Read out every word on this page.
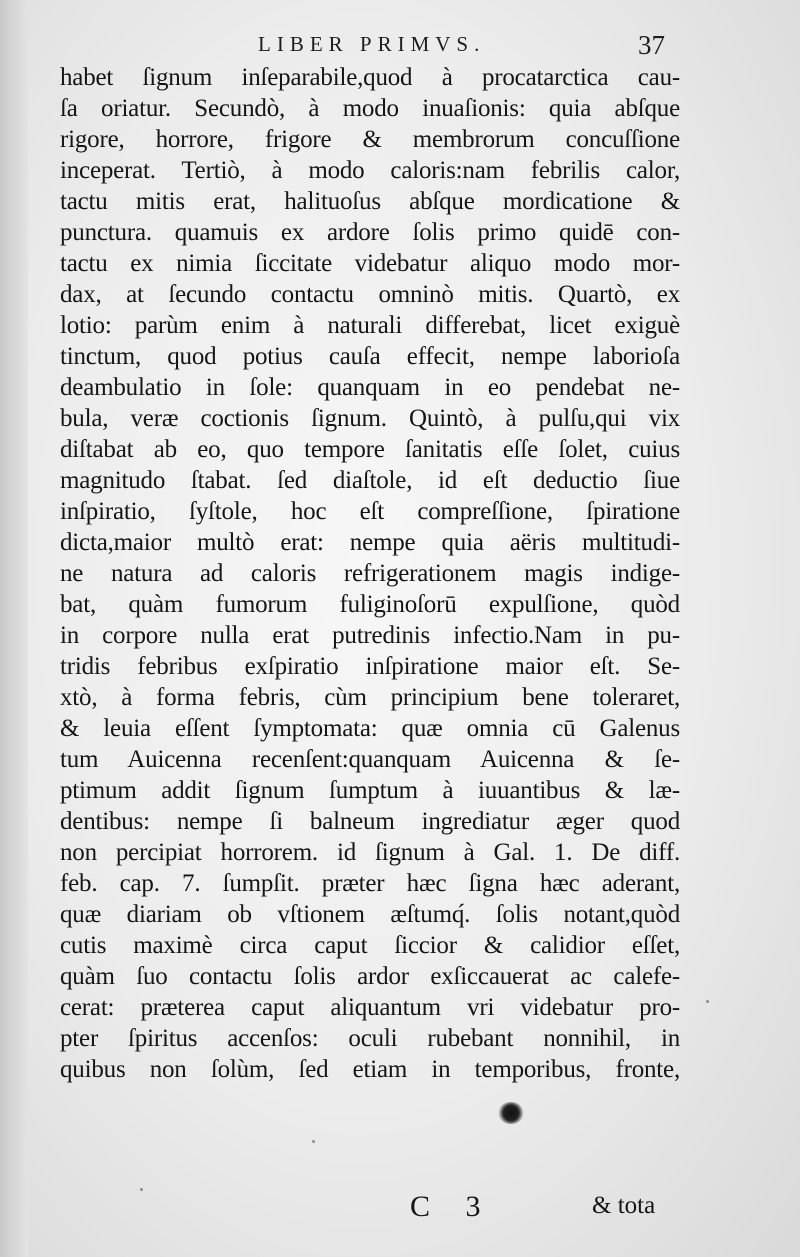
LIBER PRIMVS.	37
habet ſignum inſeparabile,quod à procatarctica cau-
ſa oriatur. Secundò, à modo inuaſionis: quia abſque
rigore, horrore, frigore & membrorum concuſſione
inceperat. Tertiò, à modo caloris:nam febrilis calor,
tactu mitis erat, halituoſus abſque mordicatione &
punctura. quamuis ex ardore ſolis primo quidē con-
tactu ex nimia ſiccitate videbatur aliquo modo mor-
dax, at ſecundo contactu omninò mitis. Quartò, ex
lotio: parùm enim à naturali differebat, licet exiguè
tinctum, quod potius cauſa effecit, nempe laborioſa
deambulatio in ſole: quanquam in eo pendebat ne-
bula, veræ coctionis ſignum. Quintò, à pulſu,qui vix
diſtabat ab eo, quo tempore ſanitatis eſſe ſolet, cuius
magnitudo ſtabat. ſed diaſtole, id eſt deductio ſiue
inſpiratio, ſyſtole, hoc eſt compreſſione, ſpiratione
dicta,maior multò erat: nempe quia aëris multitudi-
ne natura ad caloris refrigerationem magis indige-
bat, quàm fumorum fuliginoſorū expulſione, quòd
in corpore nulla erat putredinis infectio.Nam in pu-
tridis febribus exſpiratio inſpiratione maior eſt. Se-
xtò, à forma febris, cùm principium bene toleraret,
& leuia eſſent ſymptomata: quæ omnia cū Galenus
tum Auicenna recenſent:quanquam Auicenna & ſe-
ptimum addit ſignum ſumptum à iuuantibus & læ-
dentibus: nempe ſi balneum ingrediatur æger quod
non percipiat horrorem. id ſignum à Gal. 1. De diff.
feb. cap. 7. ſumpſit. præter hæc ſigna hæc aderant,
quæ diariam ob vſtionem æſtumq́. ſolis notant,quòd
cutis maximè circa caput ſiccior & calidior eſſet,
quàm ſuo contactu ſolis ardor exſiccauerat ac calefe-
cerat: præterea caput aliquantum vri videbatur pro-
pter ſpiritus accenſos: oculi rubebant nonnihil, in
quibus non ſolùm, ſed etiam in temporibus, fronte,
C 3	& tota
